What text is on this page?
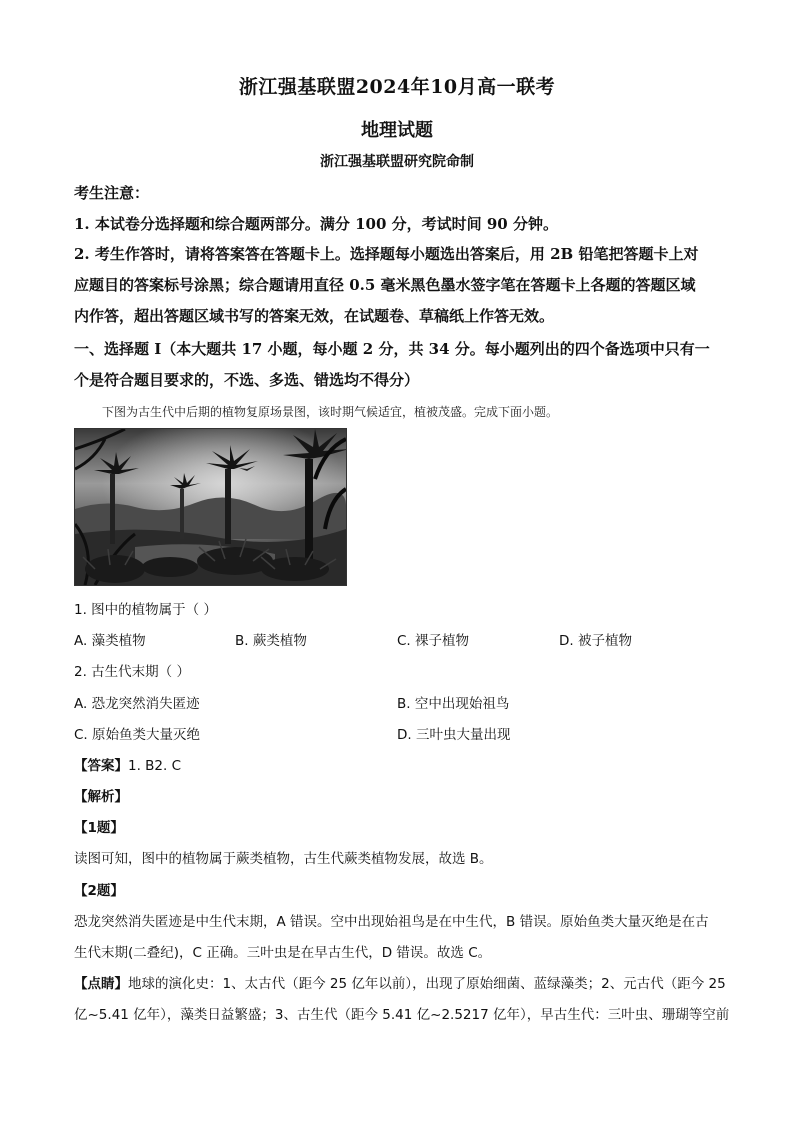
浙江强基联盟2024年10月高一联考
地理试题
浙江强基联盟研究院命制
考生注意：
1. 本试卷分选择题和综合题两部分。满分 100 分，考试时间 90 分钟。
2. 考生作答时，请将答案答在答题卡上。选择题每小题选出答案后，用 2B 铅笔把答题卡上对
应题目的答案标号涂黑；综合题请用直径 0.5 毫米黑色墨水签字笔在答题卡上各题的答题区域
内作答，超出答题区域书写的答案无效，在试题卷、草稿纸上作答无效。
一、选择题 I（本大题共 17 小题，每小题 2 分，共 34 分。每小题列出的四个备选项中只有一
个是符合题目要求的，不选、多选、错选均不得分）
下图为古生代中后期的植物复原场景图，该时期气候适宜，植被茂盛。完成下面小题。
1. 图中的植物属于（ ）
A. 藻类植物	B. 蕨类植物	C. 裸子植物	D. 被子植物
2. 古生代末期（ ）
A. 恐龙突然消失匿迹	B. 空中出现始祖鸟
C. 原始鱼类大量灭绝	D. 三叶虫大量出现
【答案】1. B2. C
【解析】
【1题】
读图可知，图中的植物属于蕨类植物，古生代蕨类植物发展，故选 B。
【2题】
恐龙突然消失匿迹是中生代末期，A 错误。空中出现始祖鸟是在中生代，B 错误。原始鱼类大量灭绝是在古
生代末期(二叠纪)，C 正确。三叶虫是在早古生代，D 错误。故选 C。
【点睛】地球的演化史：1、太古代（距今 25 亿年以前），出现了原始细菌、蓝绿藻类；2、元古代（距今 25
亿~5.41 亿年），藻类日益繁盛；3、古生代（距今 5.41 亿~2.5217 亿年），早古生代：三叶虫、珊瑚等空前
